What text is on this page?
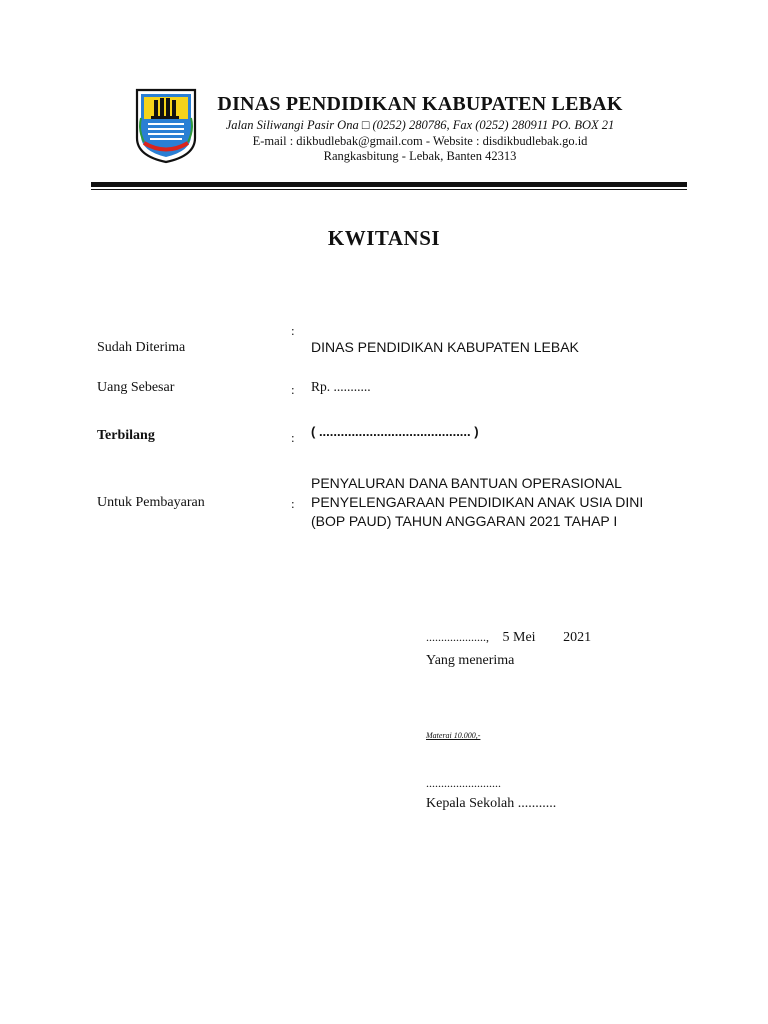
DINAS PENDIDIKAN KABUPATEN LEBAK
Jalan Siliwangi Pasir Ona □ (0252) 280786, Fax (0252) 280911 PO. BOX 21
E-mail : dikbudlebak@gmail.com - Website : disdikbudlebak.go.id
Rangkasbitung - Lebak, Banten 42313
KWITANSI
:
Sudah Diterima	DINAS PENDIDIKAN KABUPATEN LEBAK
Uang Sebesar	: Rp. ...........
Terbilang	: ( .......................................... )
Untuk Pembayaran	:
PENYALURAN DANA BANTUAN OPERASIONAL
PENYELENGARAAN PENDIDIKAN ANAK USIA DINI
(BOP PAUD) TAHUN ANGGARAN 2021 TAHAP I
...................., 5 Mei 2021
Yang menerima
Materai 10.000,-
.........................
Kepala Sekolah ...........
